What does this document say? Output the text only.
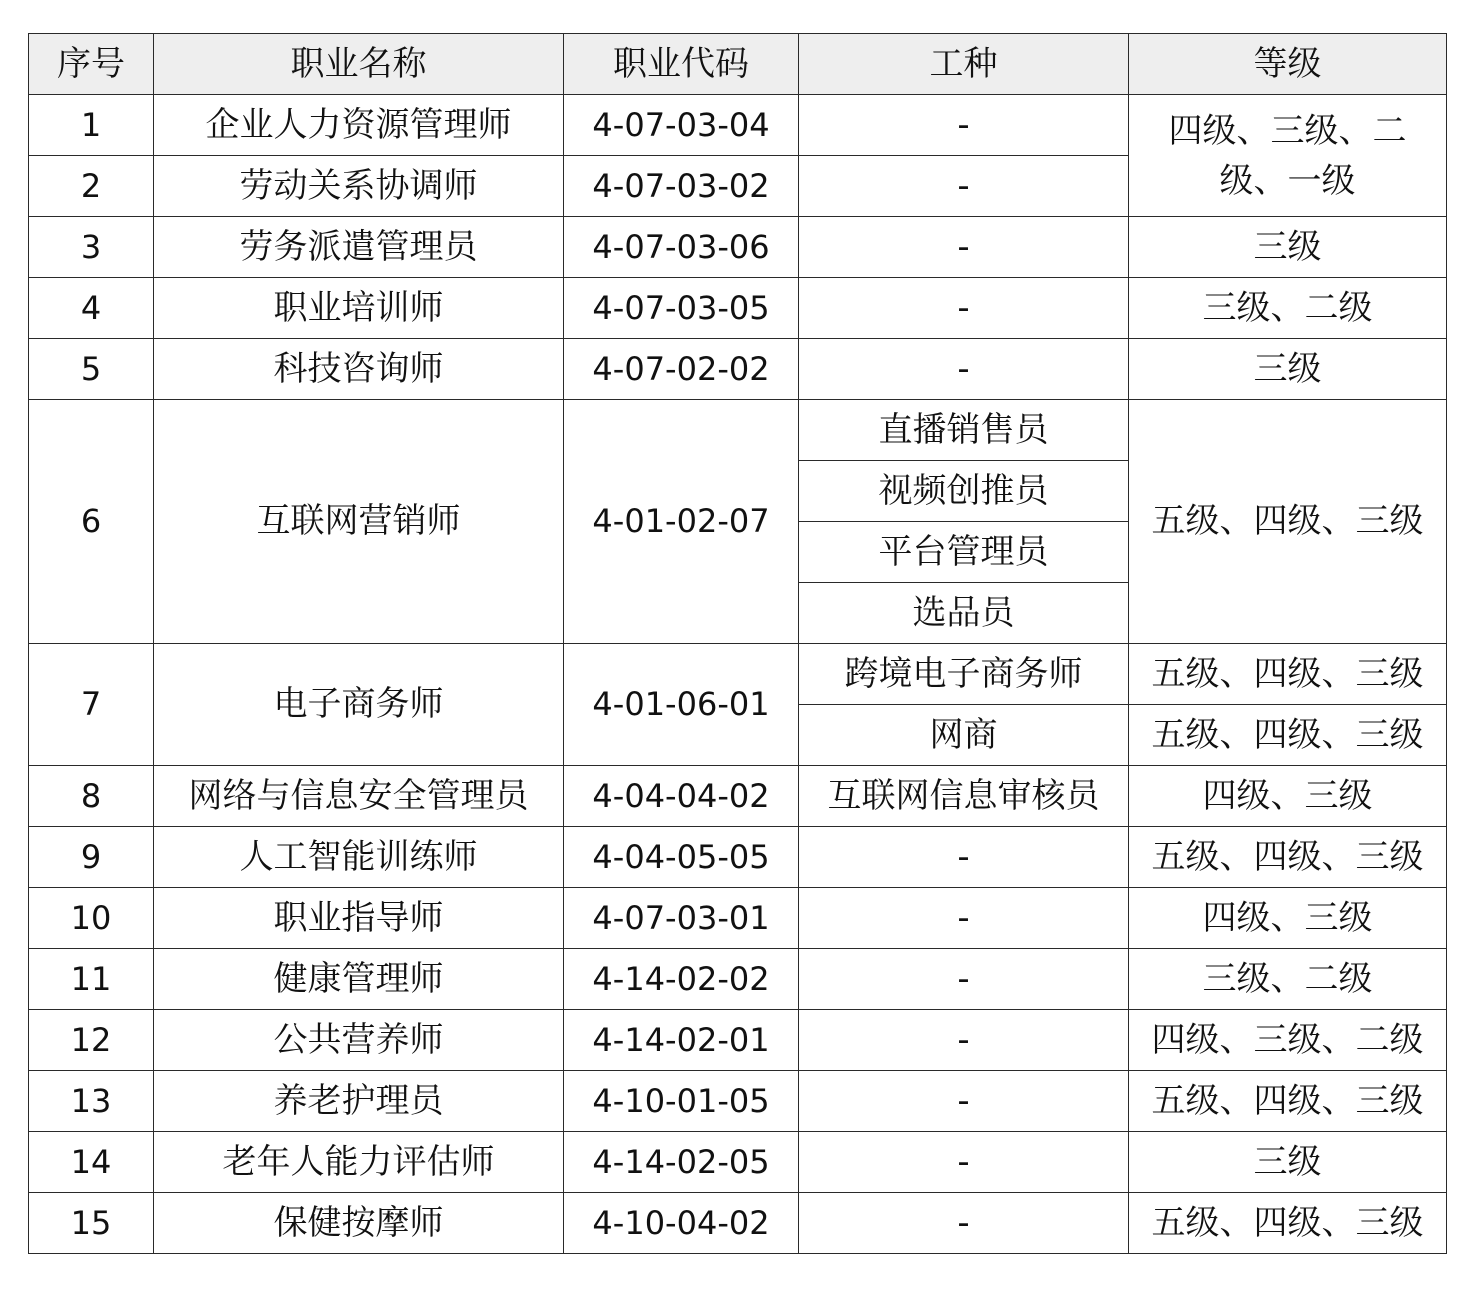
序号	职业名称	职业代码	工种	等级
1	企业人力资源管理师	4-07-03-04	-	四级、三级、二级、一级
2	劳动关系协调师	4-07-03-02	-	
3	劳务派遣管理员	4-07-03-06	-	三级
4	职业培训师	4-07-03-05	-	三级、二级
5	科技咨询师	4-07-02-02	-	三级
6	互联网营销师	4-01-02-07	直播销售员	五级、四级、三级
			视频创推员	
			平台管理员	
			选品员	
7	电子商务师	4-01-06-01	跨境电子商务师	五级、四级、三级
			网商	五级、四级、三级
8	网络与信息安全管理员	4-04-04-02	互联网信息审核员	四级、三级
9	人工智能训练师	4-04-05-05	-	五级、四级、三级
10	职业指导师	4-07-03-01	-	四级、三级
11	健康管理师	4-14-02-02	-	三级、二级
12	公共营养师	4-14-02-01	-	四级、三级、二级
13	养老护理员	4-10-01-05	-	五级、四级、三级
14	老年人能力评估师	4-14-02-05	-	三级
15	保健按摩师	4-10-04-02	-	五级、四级、三级
